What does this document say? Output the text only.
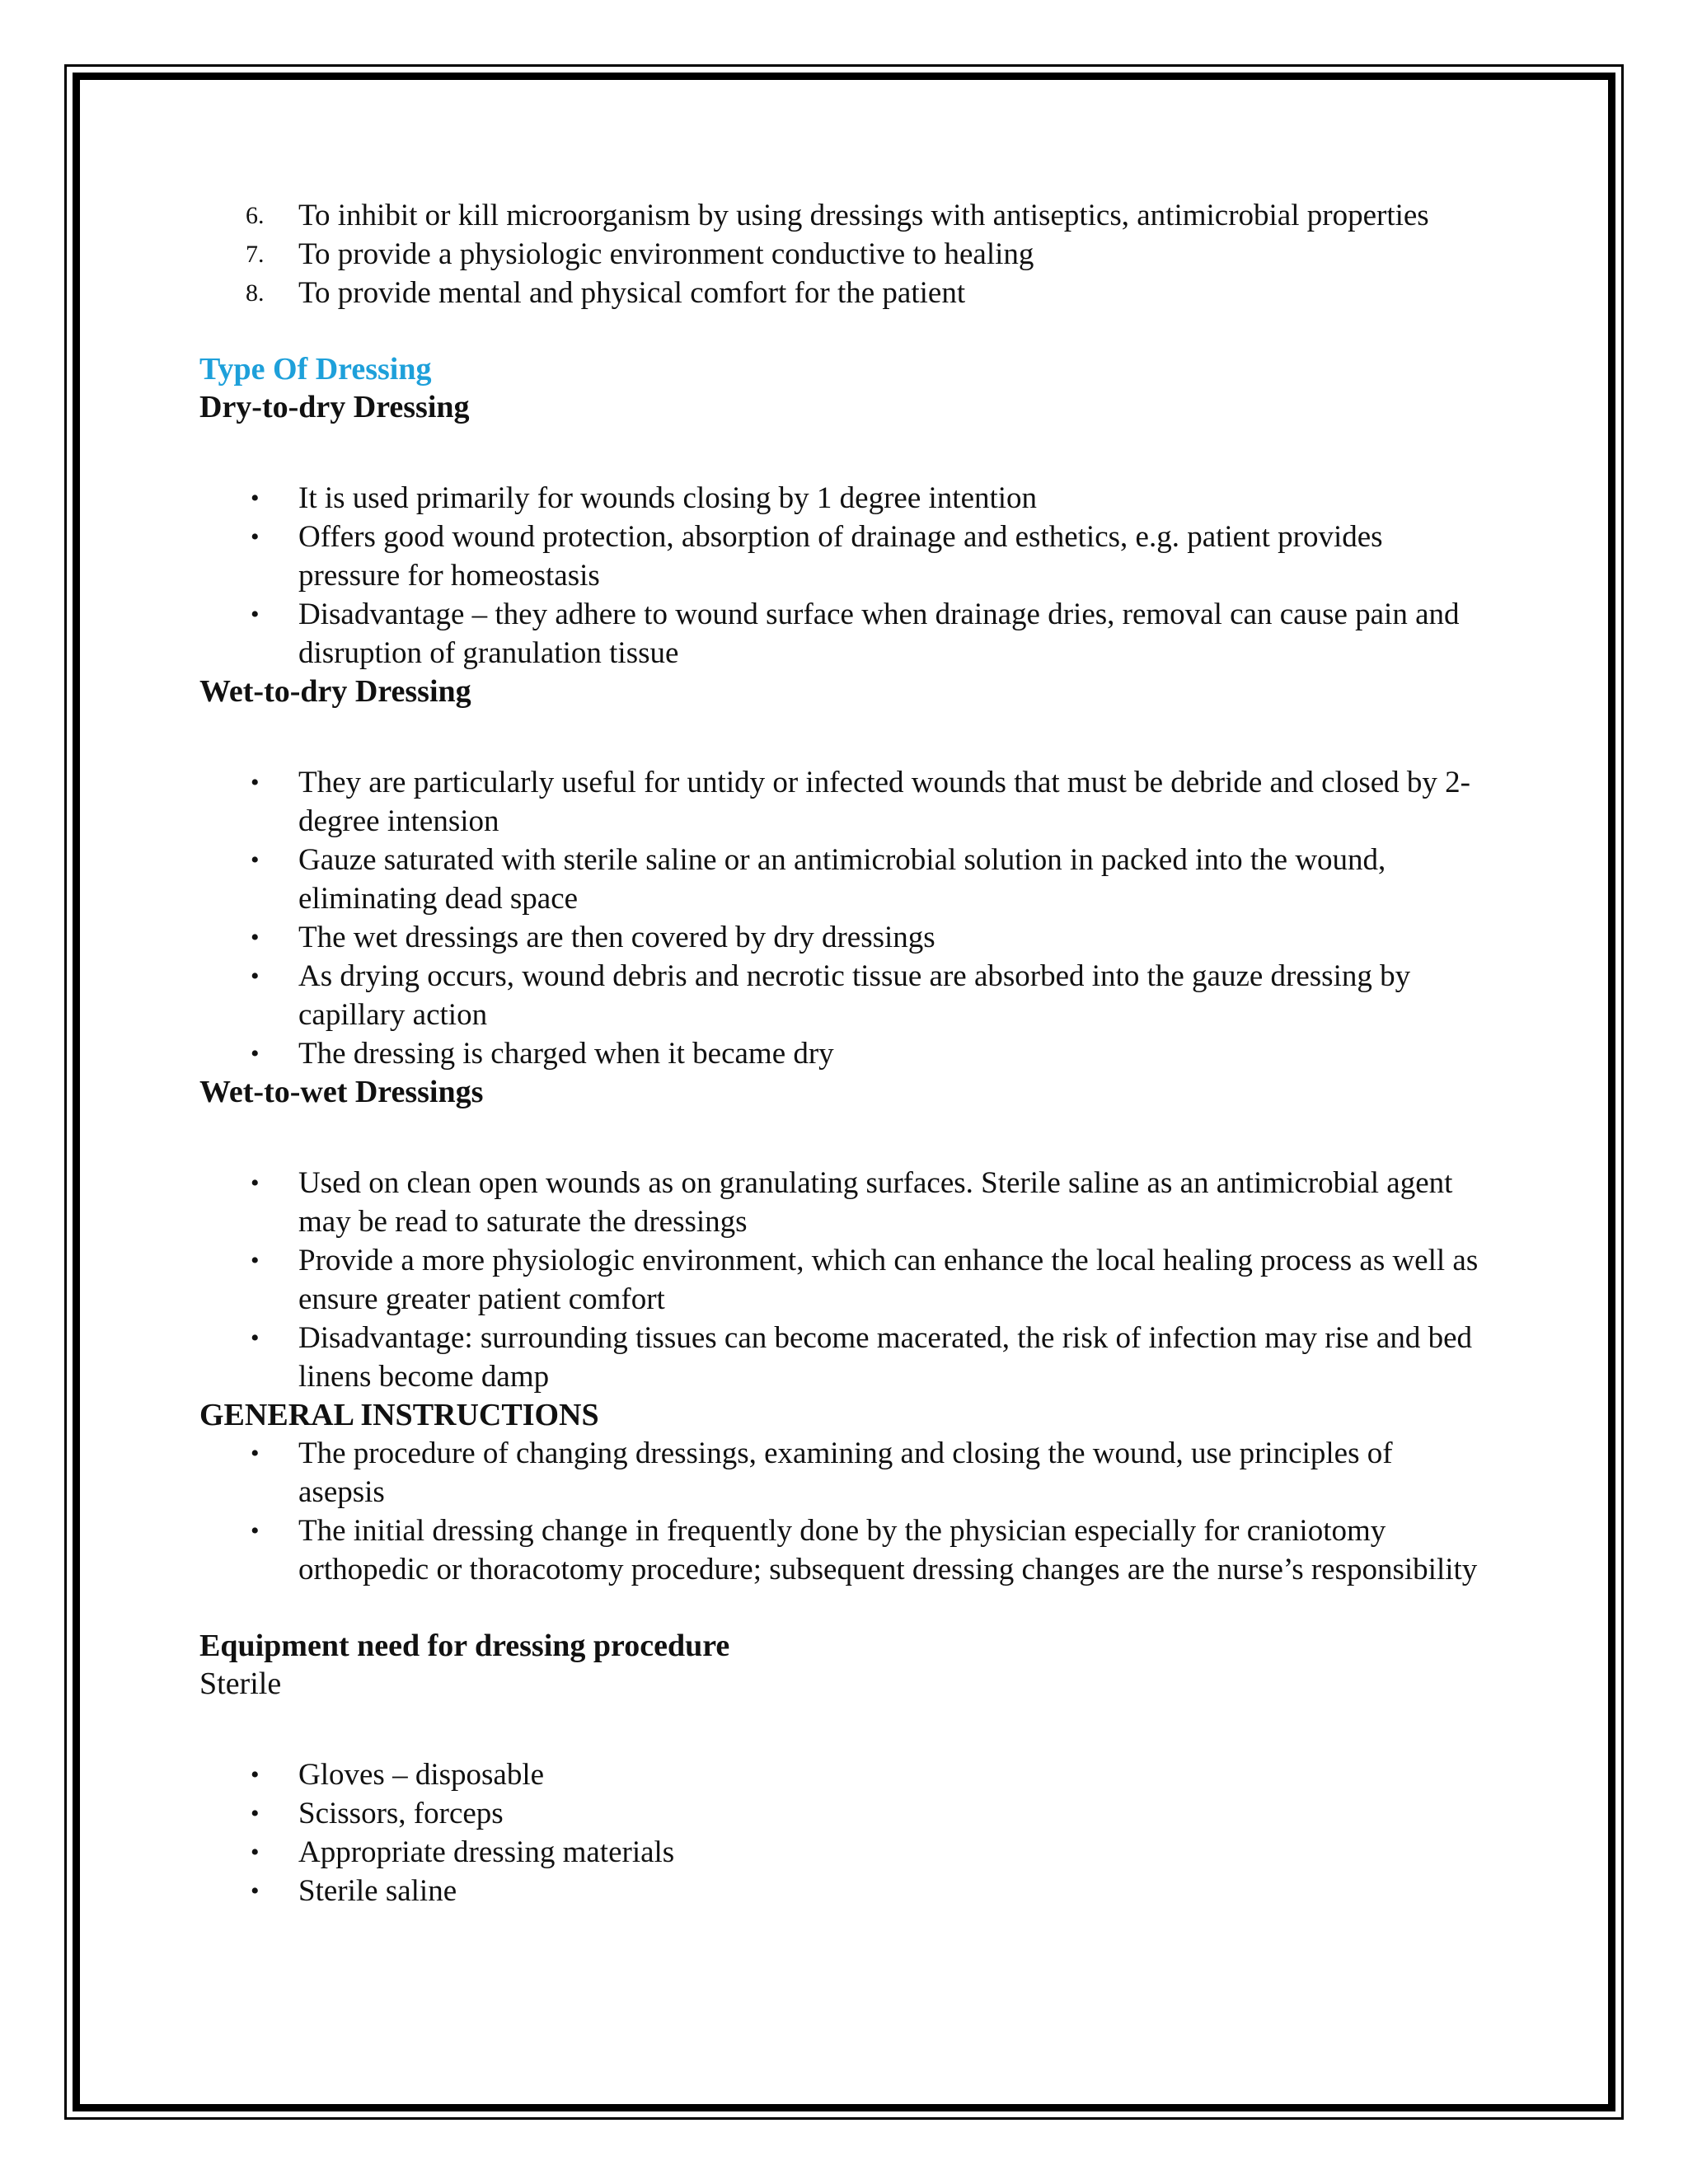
6. To inhibit or kill microorganism by using dressings with antiseptics, antimicrobial properties
7. To provide a physiologic environment conductive to healing
8. To provide mental and physical comfort for the patient
Type Of Dressing
Dry-to-dry Dressing
• It is used primarily for wounds closing by 1 degree intention
• Offers good wound protection, absorption of drainage and esthetics, e.g. patient provides pressure for homeostasis
• Disadvantage – they adhere to wound surface when drainage dries, removal can cause pain and disruption of granulation tissue
Wet-to-dry Dressing
• They are particularly useful for untidy or infected wounds that must be debride and closed by 2-degree intension
• Gauze saturated with sterile saline or an antimicrobial solution in packed into the wound, eliminating dead space
• The wet dressings are then covered by dry dressings
• As drying occurs, wound debris and necrotic tissue are absorbed into the gauze dressing by capillary action
• The dressing is charged when it became dry
Wet-to-wet Dressings
• Used on clean open wounds as on granulating surfaces. Sterile saline as an antimicrobial agent may be read to saturate the dressings
• Provide a more physiologic environment, which can enhance the local healing process as well as ensure greater patient comfort
• Disadvantage: surrounding tissues can become macerated, the risk of infection may rise and bed linens become damp
GENERAL INSTRUCTIONS
• The procedure of changing dressings, examining and closing the wound, use principles of asepsis
• The initial dressing change in frequently done by the physician especially for craniotomy orthopedic or thoracotomy procedure; subsequent dressing changes are the nurse’s responsibility
Equipment need for dressing procedure
Sterile
• Gloves – disposable
• Scissors, forceps
• Appropriate dressing materials
• Sterile saline
